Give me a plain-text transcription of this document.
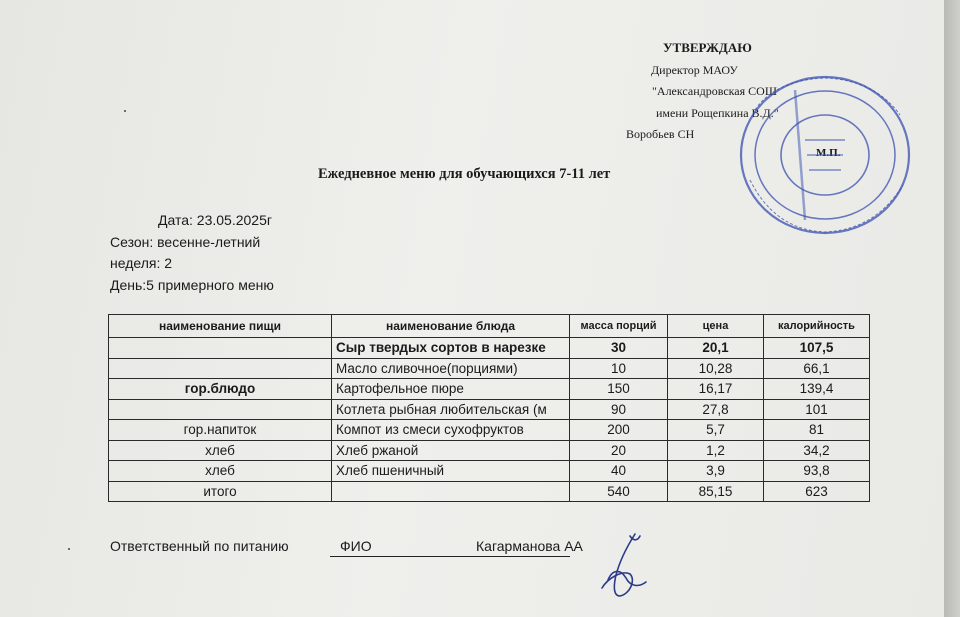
УТВЕРЖДАЮ
Директор МАОУ
"Александровская СОШ
имени Рощепкина В.Д."
Воробьев СН
М.П.
Ежедневное меню для обучающихся 7-11 лет
Дата: 23.05.2025г
Сезон: весенне-летний
неделя: 2
День:5 примерного меню
наименование пищи	наименование блюда	масса порций	цена	калорийность
	Сыр твердых сортов в нарезке	30	20,1	107,5
	Масло сливочное(порциями)	10	10,28	66,1
гор.блюдо	Картофельное пюре	150	16,17	139,4
	Котлета рыбная любительская (м	90	27,8	101
гор.напиток	Компот из смеси сухофруктов	200	5,7	81
хлеб	Хлеб ржаной	20	1,2	34,2
хлеб	Хлеб пшеничный	40	3,9	93,8
итого		540	85,15	623
Ответственный по питанию	ФИО	Кагарманова АА
